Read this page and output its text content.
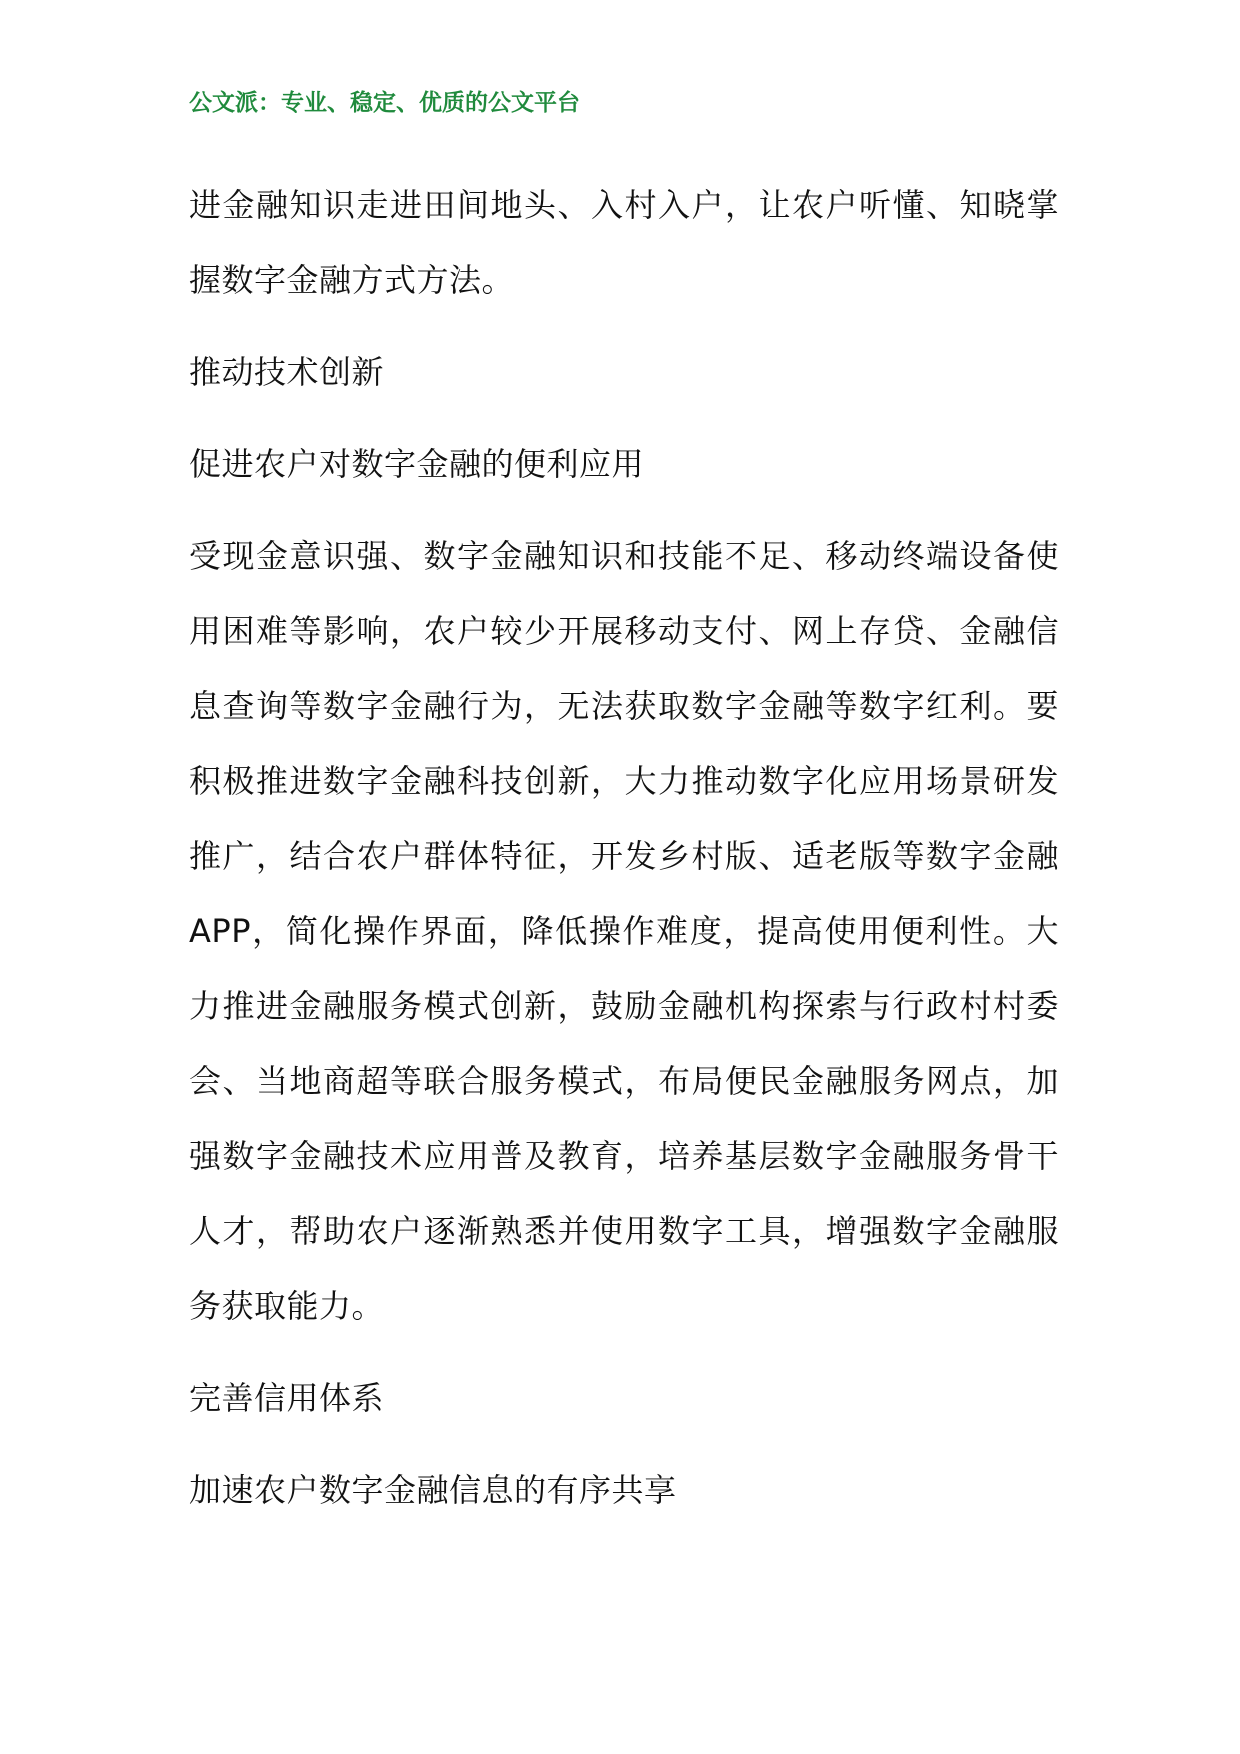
公文派：专业、稳定、优质的公文平台

进金融知识走进田间地头、入村入户，让农户听懂、知晓掌握数字金融方式方法。

推动技术创新

促进农户对数字金融的便利应用

受现金意识强、数字金融知识和技能不足、移动终端设备使用困难等影响，农户较少开展移动支付、网上存贷、金融信息查询等数字金融行为，无法获取数字金融等数字红利。要积极推进数字金融科技创新，大力推动数字化应用场景研发推广，结合农户群体特征，开发乡村版、适老版等数字金融 APP，简化操作界面，降低操作难度，提高使用便利性。大力推进金融服务模式创新，鼓励金融机构探索与行政村村委会、当地商超等联合服务模式，布局便民金融服务网点，加强数字金融技术应用普及教育，培养基层数字金融服务骨干人才，帮助农户逐渐熟悉并使用数字工具，增强数字金融服务获取能力。

完善信用体系

加速农户数字金融信息的有序共享
